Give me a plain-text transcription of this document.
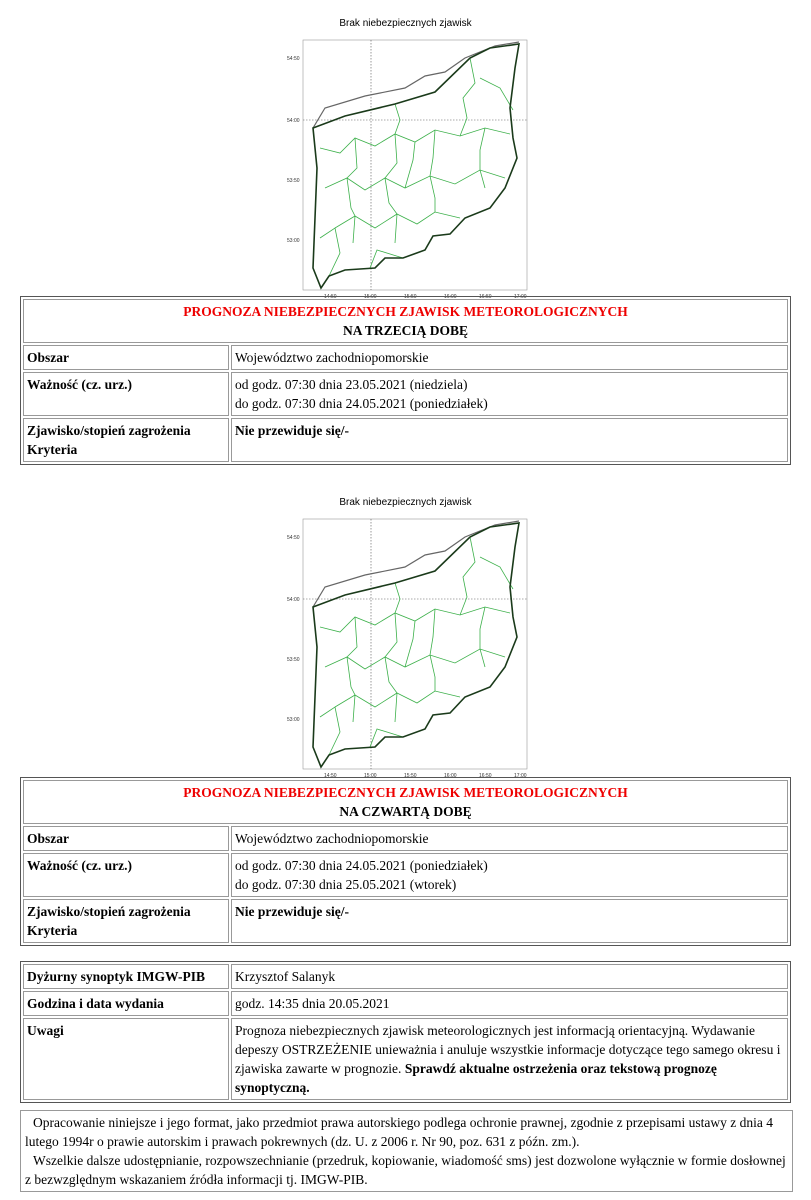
Brak niebezpiecznych zjawisk
54:50
54:00
53:50
53:00
14:50	15:00	15:50	16:00	16:50	17:00
PROGNOZA NIEBEZPIECZNYCH ZJAWISK METEOROLOGICZNYCH
NA TRZECIĄ DOBĘ	

Obszar	Województwo zachodniopomorskie
Ważność (cz. urz.)	od godz. 07:30 dnia 23.05.2021 (niedziela)
do godz. 07:30 dnia 24.05.2021 (poniedziałek)

Zjawisko/stopień zagrożenia
Kryteria	Nie przewiduje się/-
Brak niebezpiecznych zjawisk
54:50
54:00
53:50
53:00
14:50	15:00	15:50	16:00	16:50	17:00
PROGNOZA NIEBEZPIECZNYCH ZJAWISK METEOROLOGICZNYCH
NA CZWARTĄ DOBĘ	

Obszar	Województwo zachodniopomorskie
Ważność (cz. urz.)	od godz. 07:30 dnia 24.05.2021 (poniedziałek)
do godz. 07:30 dnia 25.05.2021 (wtorek)

Zjawisko/stopień zagrożenia
Kryteria	Nie przewiduje się/-
Dyżurny synoptyk IMGW-PIB	Krzysztof Salanyk
Godzina i data wydania	godz. 14:35 dnia 20.05.2021
Uwagi	Prognoza niebezpiecznych zjawisk meteorologicznych jest informacją orientacyjną. Wydawanie depeszy OSTRZEŻENIE unieważnia i anuluje wszystkie informacje dotyczące tego samego okresu i zjawiska zawarte w prognozie. Sprawdź aktualne ostrzeżenia oraz tekstową prognozę synoptyczną.
Opracowanie niniejsze i jego format, jako przedmiot prawa autorskiego podlega ochronie prawnej, zgodnie z przepisami ustawy z dnia 4 lutego 1994r o prawie autorskim i prawach pokrewnych (dz. U. z 2006 r. Nr 90, poz. 631 z późn. zm.).
Wszelkie dalsze udostępnianie, rozpowszechnianie (przedruk, kopiowanie, wiadomość sms) jest dozwolone wyłącznie w formie dosłownej z bezwzględnym wskazaniem źródła informacji tj. IMGW-PIB.
